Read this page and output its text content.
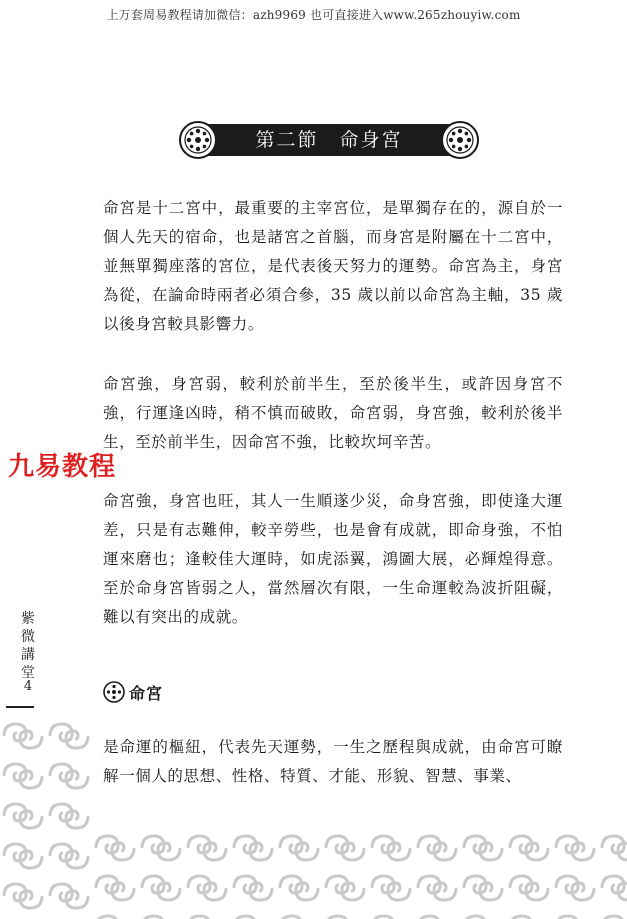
上万套周易教程请加微信：azh9969 也可直接进入www.265zhouyiw.com
第二節　命身宮

命宮是十二宮中，最重要的主宰宮位，是單獨存在的，源自於一個人先天的宿命，也是諸宮之首腦，而身宮是附屬在十二宮中，並無單獨座落的宮位，是代表後天努力的運勢。命宮為主，身宮為從，在論命時兩者必須合參，35 歲以前以命宮為主軸，35 歲以後身宮較具影響力。

命宮強，身宮弱，較利於前半生，至於後半生，或許因身宮不強，行運逢凶時，稍不慎而破敗，命宮弱，身宮強，較利於後半生，至於前半生，因命宮不強，比較坎坷辛苦。

命宮強，身宮也旺，其人一生順遂少災，命身宮強，即使逢大運差，只是有志難伸，較辛勞些，也是會有成就，即命身強，不怕運來磨也；逢較佳大運時，如虎添翼，鴻圖大展，必輝煌得意。至於命身宮皆弱之人，當然層次有限，一生命運較為波折阻礙，難以有突出的成就。

九易教程
紫
微
講
堂
4	命宮

是命運的樞紐，代表先天運勢，一生之歷程與成就，由命宮可瞭解一個人的思想、性格、特質、才能、形貌、智慧、事業、
